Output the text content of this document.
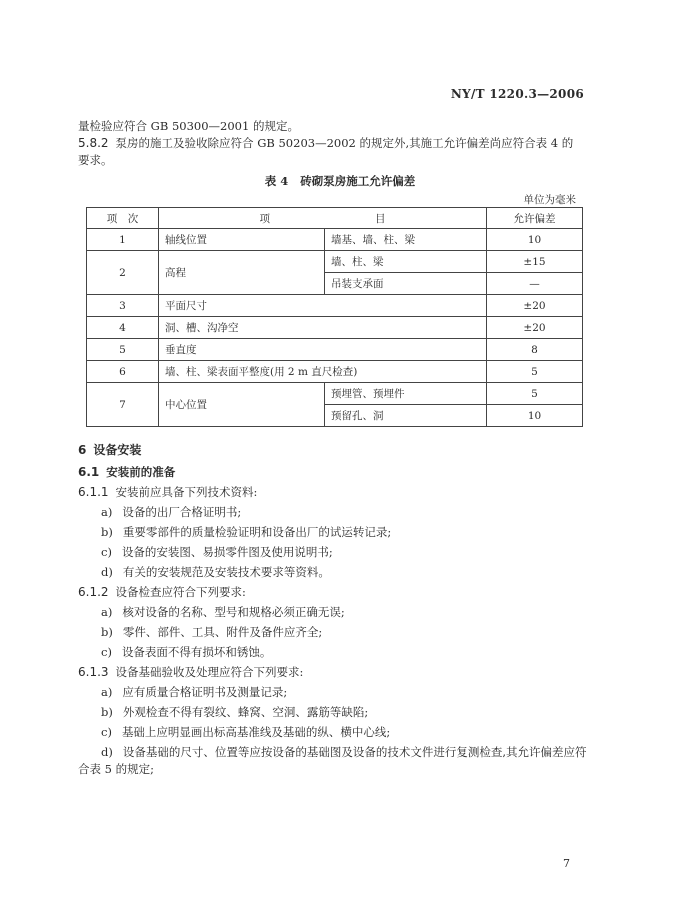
NY/T 1220.3—2006
量检验应符合 GB 50300—2001 的规定。
5.8.2 泵房的施工及验收除应符合 GB 50203—2002 的规定外,其施工允许偏差尚应符合表 4 的
要求。
表 4 砖砌泵房施工允许偏差
单位为毫米
项　次	项　　　　　　　　　　目		允许偏差
1	轴线位置	墙基、墙、柱、梁	10
2	高程	墙、柱、梁	±15
		吊装支承面	—
3	平面尺寸		±20
4	洞、槽、沟净空		±20
5	垂直度		8
6	墙、柱、梁表面平整度(用 2 m 直尺检查)		5
7	中心位置	预埋管、预埋件	5
		预留孔、洞	10
6 设备安装
6.1 安装前的准备
6.1.1 安装前应具备下列技术资料:
a) 设备的出厂合格证明书;
b) 重要零部件的质量检验证明和设备出厂的试运转记录;
c) 设备的安装图、易损零件图及使用说明书;
d) 有关的安装规范及安装技术要求等资料。
6.1.2 设备检查应符合下列要求:
a) 核对设备的名称、型号和规格必须正确无误;
b) 零件、部件、工具、附件及备件应齐全;
c) 设备表面不得有损坏和锈蚀。
6.1.3 设备基础验收及处理应符合下列要求:
a) 应有质量合格证明书及测量记录;
b) 外观检查不得有裂纹、蜂窝、空洞、露筋等缺陷;
c) 基础上应明显画出标高基准线及基础的纵、横中心线;
d) 设备基础的尺寸、位置等应按设备的基础图及设备的技术文件进行复测检查,其允许偏差应符
合表 5 的规定;
7
